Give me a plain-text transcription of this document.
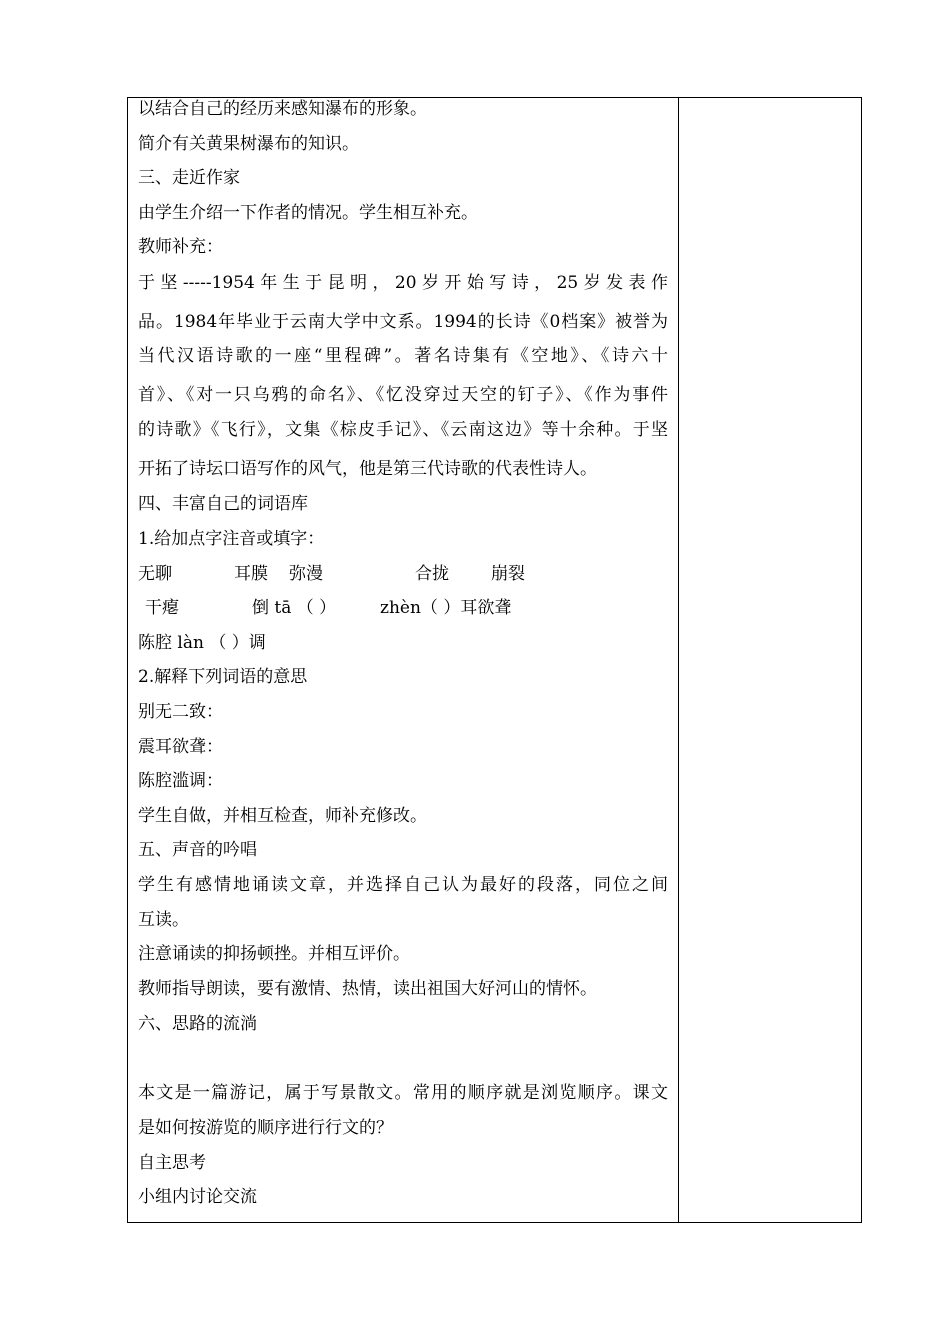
以结合自己的经历来感知瀑布的形象。
简介有关黄果树瀑布的知识。
三、走近作家
由学生介绍一下作者的情况。学生相互补充。
教师补充：
于坚-----1954年生于昆明，20岁开始写诗，25岁发表作
品。1984年毕业于云南大学中文系。1994的长诗《0档案》被誉为
当代汉语诗歌的一座“里程碑”。著名诗集有《空地》、《诗六十
首》、《对一只乌鸦的命名》、《忆没穿过天空的钉子》、《作为事件
的诗歌》《飞行》，文集《棕皮手记》、《云南这边》等十余种。于坚
开拓了诗坛口语写作的风气，他是第三代诗歌的代表性诗人。
四、丰富自己的词语库
1.给加点字注音或填字：
无聊	耳膜 弥漫	合拢 崩裂
干瘪	倒 tā （ ）	zhèn（ ）耳欲聋
陈腔 làn （ ）调
2.解释下列词语的意思
别无二致：
震耳欲聋：
陈腔滥调：
学生自做，并相互检查，师补充修改。
五、声音的吟唱
学生有感情地诵读文章，并选择自己认为最好的段落，同位之间
互读。
注意诵读的抑扬顿挫。并相互评价。
教师指导朗读，要有激情、热情，读出祖国大好河山的情怀。
六、思路的流淌
本文是一篇游记，属于写景散文。常用的顺序就是浏览顺序。课文
是如何按游览的顺序进行行文的？
自主思考
小组内讨论交流
